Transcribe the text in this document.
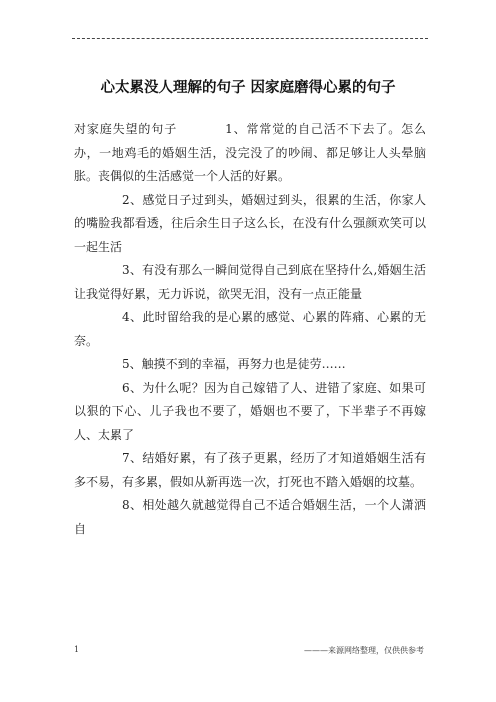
心太累没人理解的句子 因家庭磨得心累的句子

对家庭失望的句子	1、常常觉的自己活不下去了。怎么办，一地鸡毛的婚姻生活，没完没了的吵闹、都足够让人头晕脑胀。丧偶似的生活感觉一个人活的好累。

2、感觉日子过到头，婚姻过到头，很累的生活，你家人的嘴脸我都看透，往后余生日子这么长，在没有什么强颜欢笑可以一起生活

3、有没有那么一瞬间觉得自己到底在坚持什么,婚姻生活让我觉得好累，无力诉说，欲哭无泪，没有一点正能量

4、此时留给我的是心累的感觉、心累的阵痛、心累的无奈。

5、触摸不到的幸福，再努力也是徒劳……

6、为什么呢？因为自己嫁错了人、进错了家庭、如果可以狠的下心、儿子我也不要了，婚姻也不要了，下半辈子不再嫁人、太累了

7、结婚好累，有了孩子更累，经历了才知道婚姻生活有多不易，有多累，假如从新再选一次，打死也不踏入婚姻的坟墓。

8、相处越久就越觉得自己不适合婚姻生活，一个人潇洒自

1	———来源网络整理，仅供供参考
